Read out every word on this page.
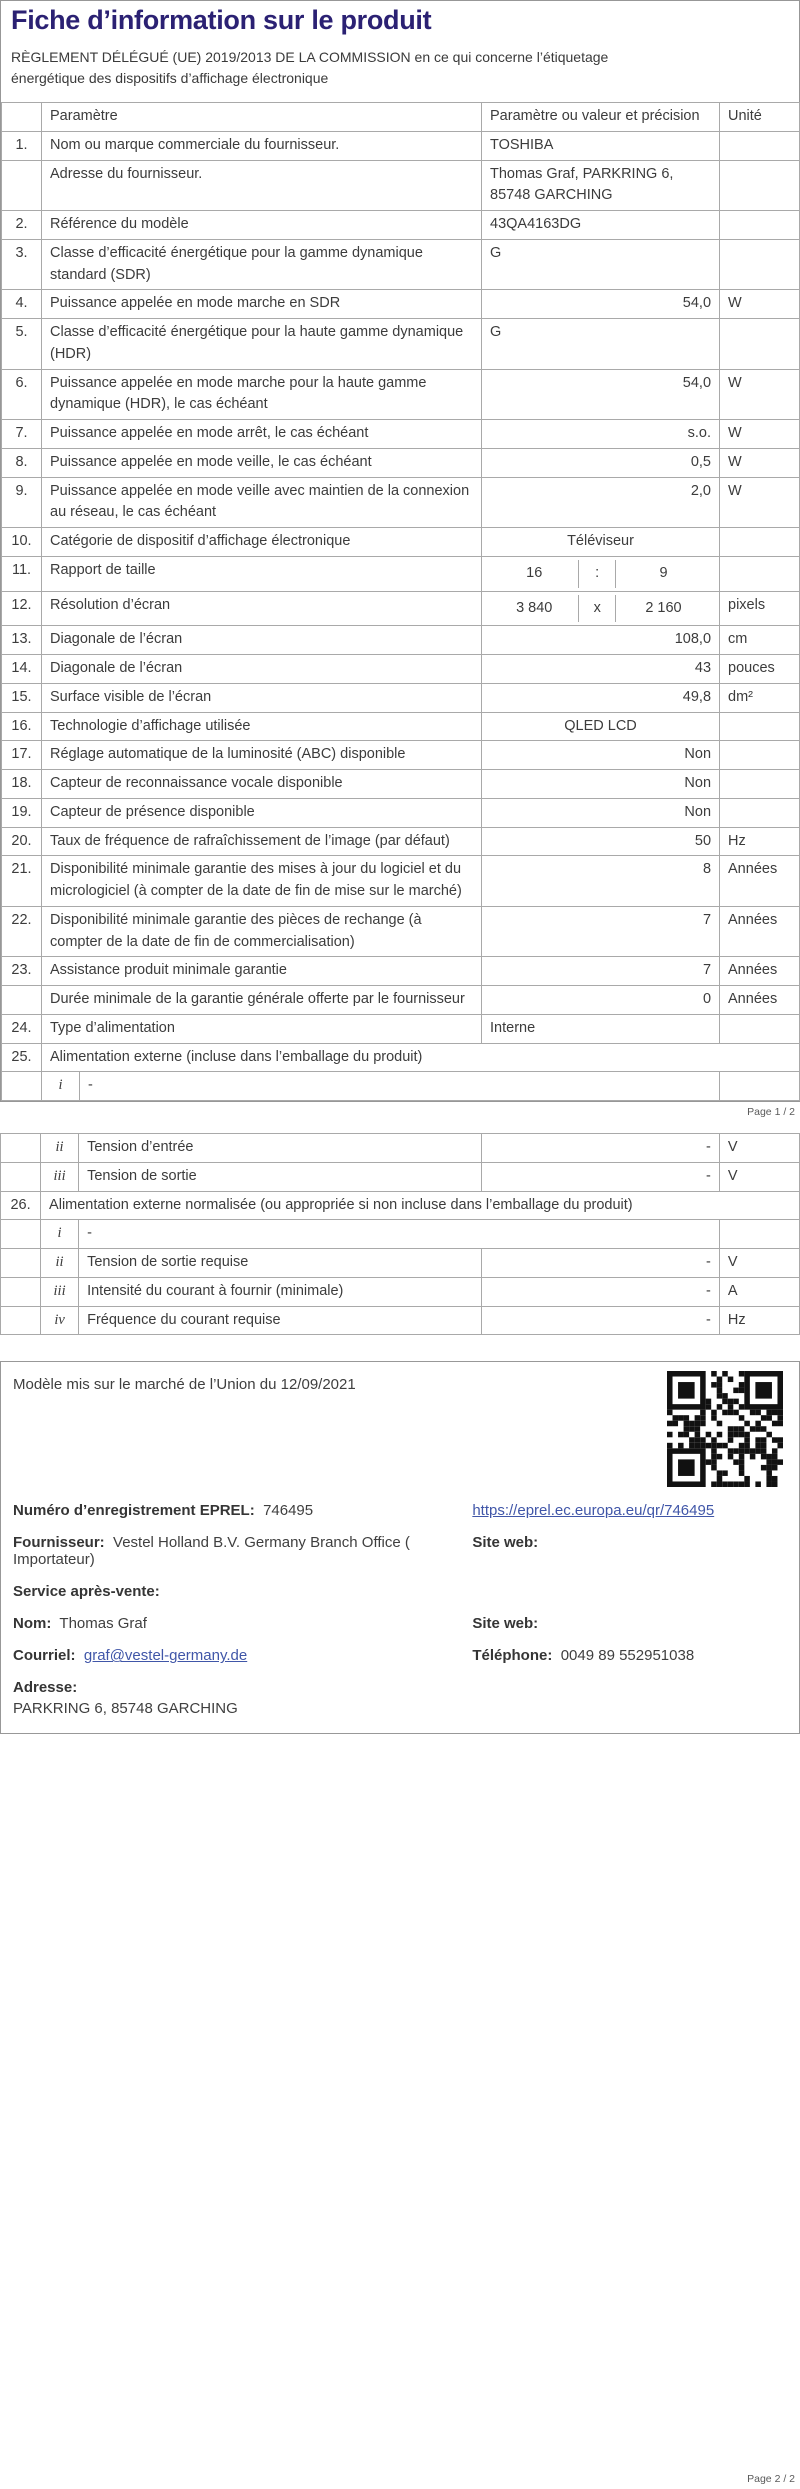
Fiche d’information sur le produit

RÈGLEMENT DÉLÉGUÉ (UE) 2019/2013 DE LA COMMISSION en ce qui concerne l’étiquetage énergétique des dispositifs d’affichage électronique

	Paramètre		Paramètre ou valeur et précision	Unité
1.	Nom ou marque commerciale du fournisseur.		TOSHIBA	
	Adresse du fournisseur.		Thomas Graf, PARKRING 6, 85748 GARCHING	
2.	Référence du modèle		43QA4163DG	
3.	Classe d’efficacité énergétique pour la gamme dynamique standard (SDR)		G	
4.	Puissance appelée en mode marche en SDR		54,0	W
5.	Classe d’efficacité énergétique pour la haute gamme dynamique (HDR)		G	
6.	Puissance appelée en mode marche pour la haute gamme dynamique (HDR), le cas échéant		54,0	W
7.	Puissance appelée en mode arrêt, le cas échéant		s.o.	W
8.	Puissance appelée en mode veille, le cas échéant		0,5	W
9.	Puissance appelée en mode veille avec maintien de la connexion au réseau, le cas échéant		2,0	W
10.	Catégorie de dispositif d’affichage électronique		Téléviseur	
11.	Rapport de taille		16 : 9	

12.	Résolution d’écran		3 840 x 2 160	pixels
13.	Diagonale de l’écran		108,0	cm
14.	Diagonale de l’écran		43	pouces
15.	Surface visible de l’écran		49,8	dm²
16.	Technologie d’affichage utilisée		QLED LCD	
17.	Réglage automatique de la luminosité (ABC) disponible		Non	
18.	Capteur de reconnaissance vocale disponible		Non	
19.	Capteur de présence disponible		Non	
20.	Taux de fréquence de rafraîchissement de l’image (par défaut)		50	Hz
21.	Disponibilité minimale garantie des mises à jour du logiciel et du micrologiciel (à compter de la date de fin de mise sur le marché)		8	Années
22.	Disponibilité minimale garantie des pièces de rechange (à compter de la date de fin de commercialisation)		7	Années
23.	Assistance produit minimale garantie		7	Années
	Durée minimale de la garantie générale offerte par le fournisseur		0	Années
24.	Type d’alimentation		Interne	
25.	Alimentation externe (incluse dans l’emballage du produit)			
	i	-		
Page 1 / 2
	ii	Tension d’entrée	-	V
	iii	Tension de sortie	-	V
26.	Alimentation externe normalisée (ou appropriée si non incluse dans l’emballage du produit)			
	i	-		
	ii	Tension de sortie requise	-	V
	iii	Intensité du courant à fournir (minimale)	-	A
	iv	Fréquence du courant requise	-	Hz
Modèle mis sur le marché de l’Union du 12/09/2021
Numéro d’enregistrement EPREL: 746495	https://eprel.ec.europa.eu/qr/746495
Fournisseur: Vestel Holland B.V. Germany Branch Office ( Importateur)
Site web:
Service après-vente:
Nom: Thomas Graf	Site web:
Courriel: graf@vestel-germany.de	Téléphone: 0049 89 552951038
Adresse:
PARKRING 6, 85748 GARCHING
Page 2 / 2
